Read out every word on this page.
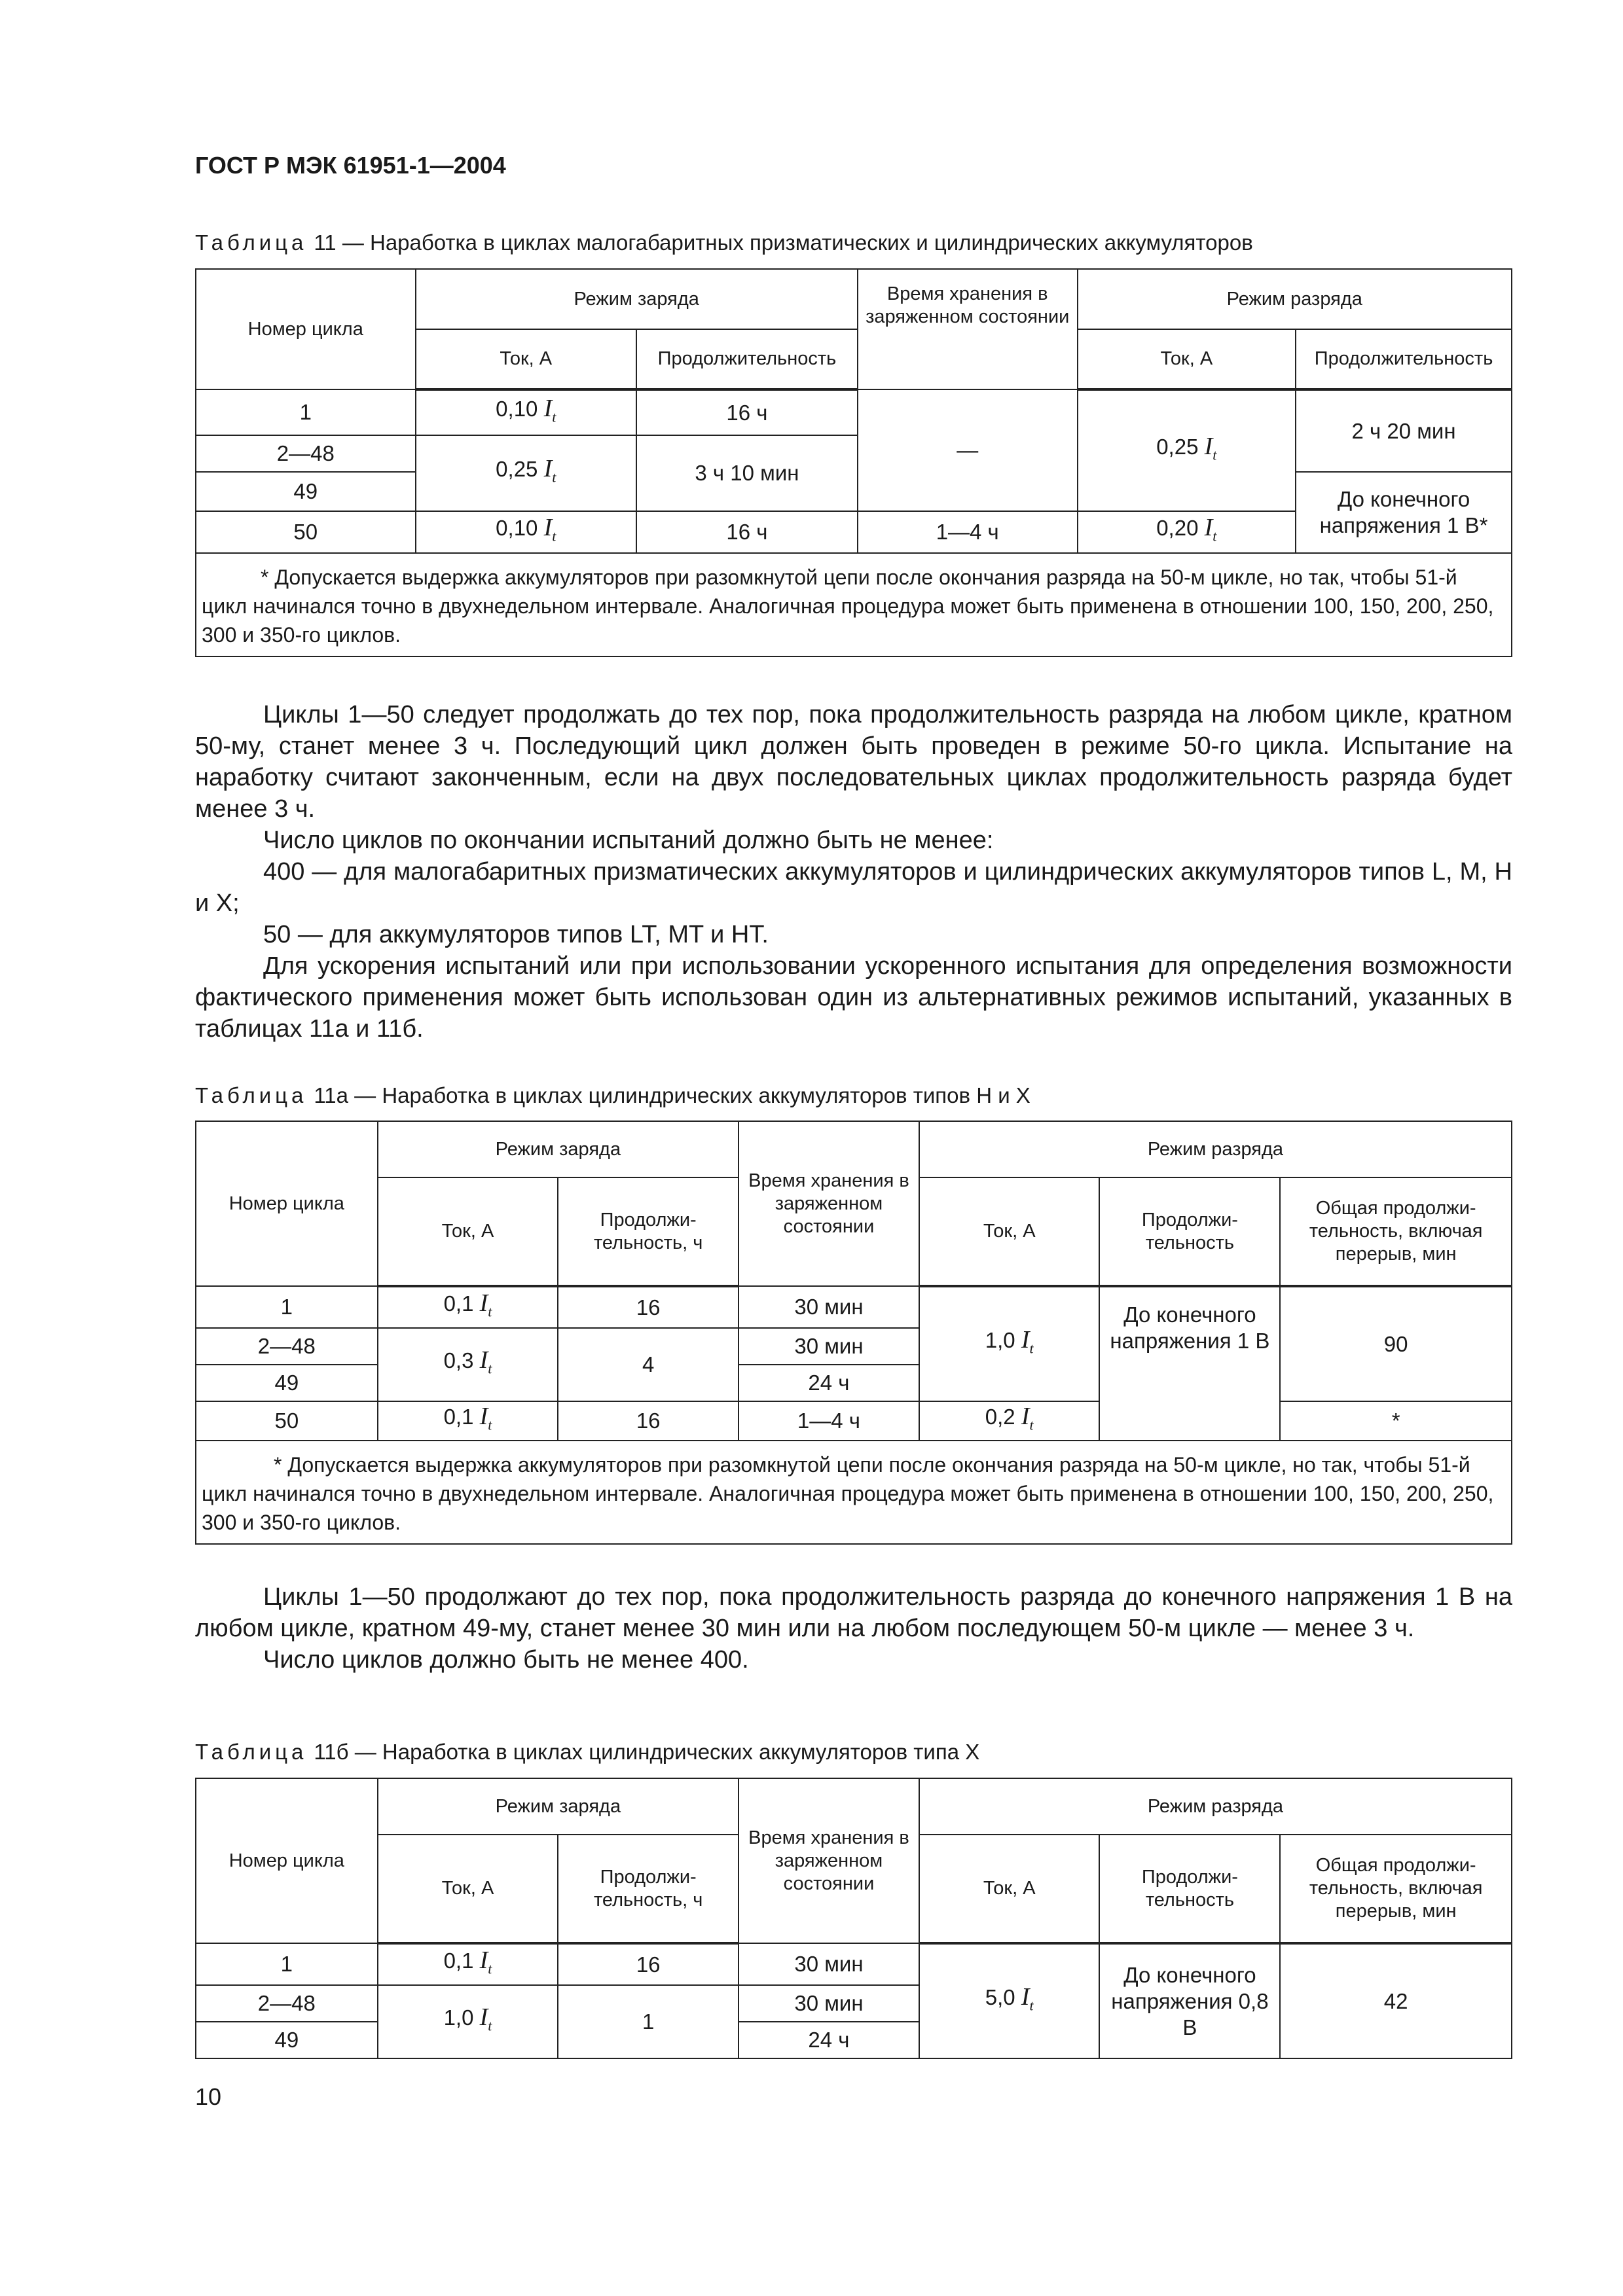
ГОСТ Р МЭК 61951-1—2004
Таблица 11 — Наработка в циклах малогабаритных призматических и цилиндрических аккумуляторов
Номер цикла	Режим заряда		Время хранения в заряженном состоянии	Режим разряда	
	Ток, А	Продолжительность		Ток, А	Продолжительность
1	0,10 $I_t$	16 ч	—	0,25 $I_t$	2 ч 20 мин
2—48	0,25 $I_t$	3 ч 10 мин			
49					До конечного напряжения 1 В*
50	0,10 $I_t$	16 ч	1—4 ч	0,20 $I_t$
* Допускается выдержка аккумуляторов при разомкнутой цепи после окончания разряда на 50-м цикле, но так, чтобы 51-й цикл начинался точно в двухнедельном интервале. Аналогичная процедура может быть применена в отношении 100, 150, 200, 250, 300 и 350-го циклов.					

Циклы 1—50 следует продолжать до тех пор, пока продолжительность разряда на любом цикле, кратном 50-му, станет менее 3 ч. Последующий цикл должен быть проведен в режиме 50-го цикла. Испытание на наработку считают законченным, если на двух последовательных циклах продолжительность разряда будет менее 3 ч.

Число циклов по окончании испытаний должно быть не менее:

400 — для малогабаритных призматических аккумуляторов и цилиндрических аккумуляторов типов L, M, H и X;

50 — для аккумуляторов типов LT, MT и HT.

Для ускорения испытаний или при использовании ускоренного испытания для определения возможности фактического применения может быть использован один из альтернативных режимов испытаний, указанных в таблицах 11а и 11б.

Таблица 11а — Наработка в циклах цилиндрических аккумуляторов типов H и X
Номер цикла	Режим заряда		Время хранения в заряженном состоянии	Режим разряда		
	Ток, А	Продолжи- тельность, ч		Ток, А	Продолжи- тельность	Общая продолжи- тельность, включая перерыв, мин
1	0,1 $I_t$	16	30 мин	1,0 $I_t$	До конечного напряжения 1 В	90
2—48	0,3 $I_t$	4	30 мин			
49			24 ч			
50	0,1 $I_t$	16	1—4 ч	0,2 $I_t$		*
* Допускается выдержка аккумуляторов при разомкнутой цепи после окончания разряда на 50-м цикле, но так, чтобы 51-й цикл начинался точно в двухнедельном интервале. Аналогичная процедура может быть применена в отношении 100, 150, 200, 250, 300 и 350-го циклов.						

Циклы 1—50 продолжают до тех пор, пока продолжительность разряда до конечного напряжения 1 В на любом цикле, кратном 49-му, станет менее 30 мин или на любом последующем 50-м цикле — менее 3 ч.

Число циклов должно быть не менее 400.

Таблица 11б — Наработка в циклах цилиндрических аккумуляторов типа X
Номер цикла	Режим заряда		Время хранения в заряженном состоянии	Режим разряда		
	Ток, А	Продолжи- тельность, ч		Ток, А	Продолжи- тельность	Общая продолжи- тельность, включая перерыв, мин
1	0,1 $I_t$	16	30 мин	5,0 $I_t$	До конечного напряжения 0,8 В	42
2—48	1,0 $I_t$	1	30 мин			
49			24 ч			
10
